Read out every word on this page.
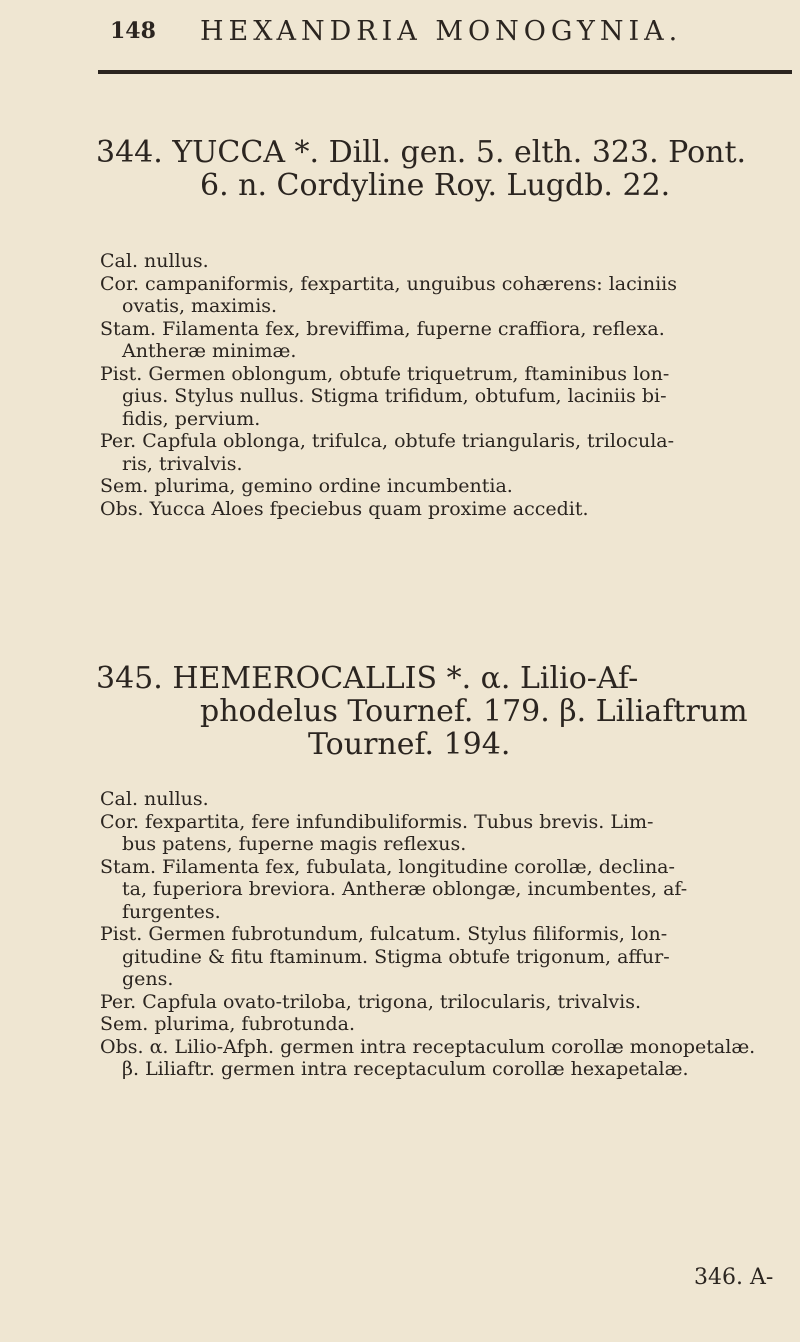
148 HEXANDRIA MONOGYNIA.
344. YUCCA *. Dill. gen. 5. elth. 323. Pont.
6. n. Cordyline Roy. Lugdb. 22.
Cal. nullus.
Cor. campaniformis, fexpartita, unguibus cohærens: laciniis
ovatis, maximis.
Stam. Filamenta fex, breviffima, fuperne craffiora, reflexa.
Antheræ minimæ.
Pist. Germen oblongum, obtufe triquetrum, ftaminibus lon-
gius. Stylus nullus. Stigma trifidum, obtufum, laciniis bi-
fidis, pervium.
Per. Capfula oblonga, trifulca, obtufe triangularis, trilocula-
ris, trivalvis.
Sem. plurima, gemino ordine incumbentia.
Obs. Yucca Aloes fpeciebus quam proxime accedit.
345. HEMEROCALLIS *. α. Lilio-Af-
phodelus Tournef. 179. β. Liliaftrum
Tournef. 194.
Cal. nullus.
Cor. fexpartita, fere infundibuliformis. Tubus brevis. Lim-
bus patens, fuperne magis reflexus.
Stam. Filamenta fex, fubulata, longitudine corollæ, declina-
ta, fuperiora breviora. Antheræ oblongæ, incumbentes, af-
furgentes.
Pist. Germen fubrotundum, fulcatum. Stylus filiformis, lon-
gitudine & fitu ftaminum. Stigma obtufe trigonum, affur-
gens.
Per. Capfula ovato-triloba, trigona, trilocularis, trivalvis.
Sem. plurima, fubrotunda.
Obs. α. Lilio-Afph. germen intra receptaculum corollæ monopetalæ.
β. Liliaftr. germen intra receptaculum corollæ hexapetalæ.
346. A-
